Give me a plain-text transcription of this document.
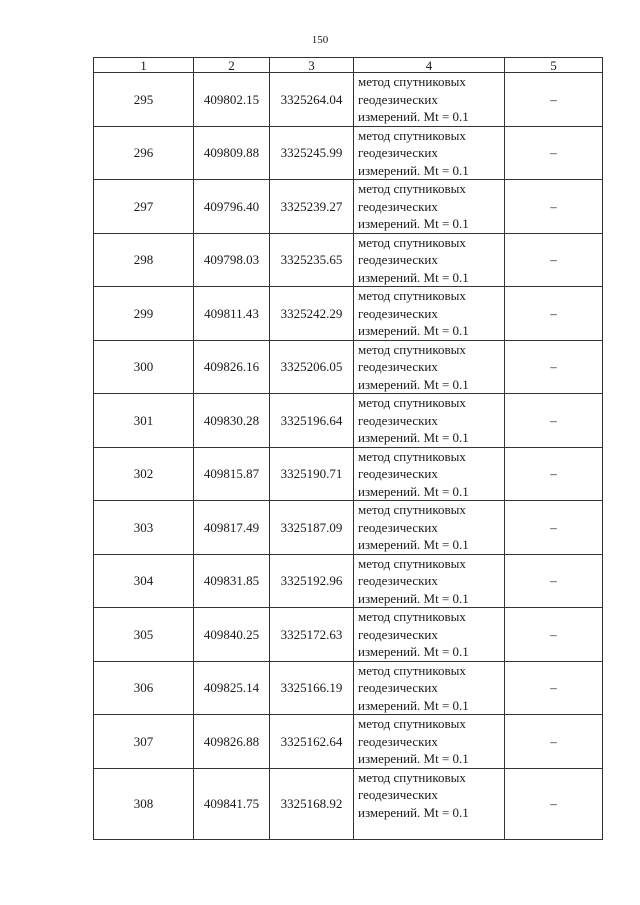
150
1	2	3	4	5
295	409802.15	3325264.04	метод спутниковых
геодезических
измерений. Mt = 0.1	–
296	409809.88	3325245.99	метод спутниковых
геодезических
измерений. Mt = 0.1	–
297	409796.40	3325239.27	метод спутниковых
геодезических
измерений. Mt = 0.1	–
298	409798.03	3325235.65	метод спутниковых
геодезических
измерений. Mt = 0.1	–
299	409811.43	3325242.29	метод спутниковых
геодезических
измерений. Mt = 0.1	–
300	409826.16	3325206.05	метод спутниковых
геодезических
измерений. Mt = 0.1	–
301	409830.28	3325196.64	метод спутниковых
геодезических
измерений. Mt = 0.1	–
302	409815.87	3325190.71	метод спутниковых
геодезических
измерений. Mt = 0.1	–
303	409817.49	3325187.09	метод спутниковых
геодезических
измерений. Mt = 0.1	–
304	409831.85	3325192.96	метод спутниковых
геодезических
измерений. Mt = 0.1	–
305	409840.25	3325172.63	метод спутниковых
геодезических
измерений. Mt = 0.1	–
306	409825.14	3325166.19	метод спутниковых
геодезических
измерений. Mt = 0.1	–
307	409826.88	3325162.64	метод спутниковых
геодезических
измерений. Mt = 0.1	–
308	409841.75	3325168.92	метод спутниковых
геодезических
измерений. Mt = 0.1	–
